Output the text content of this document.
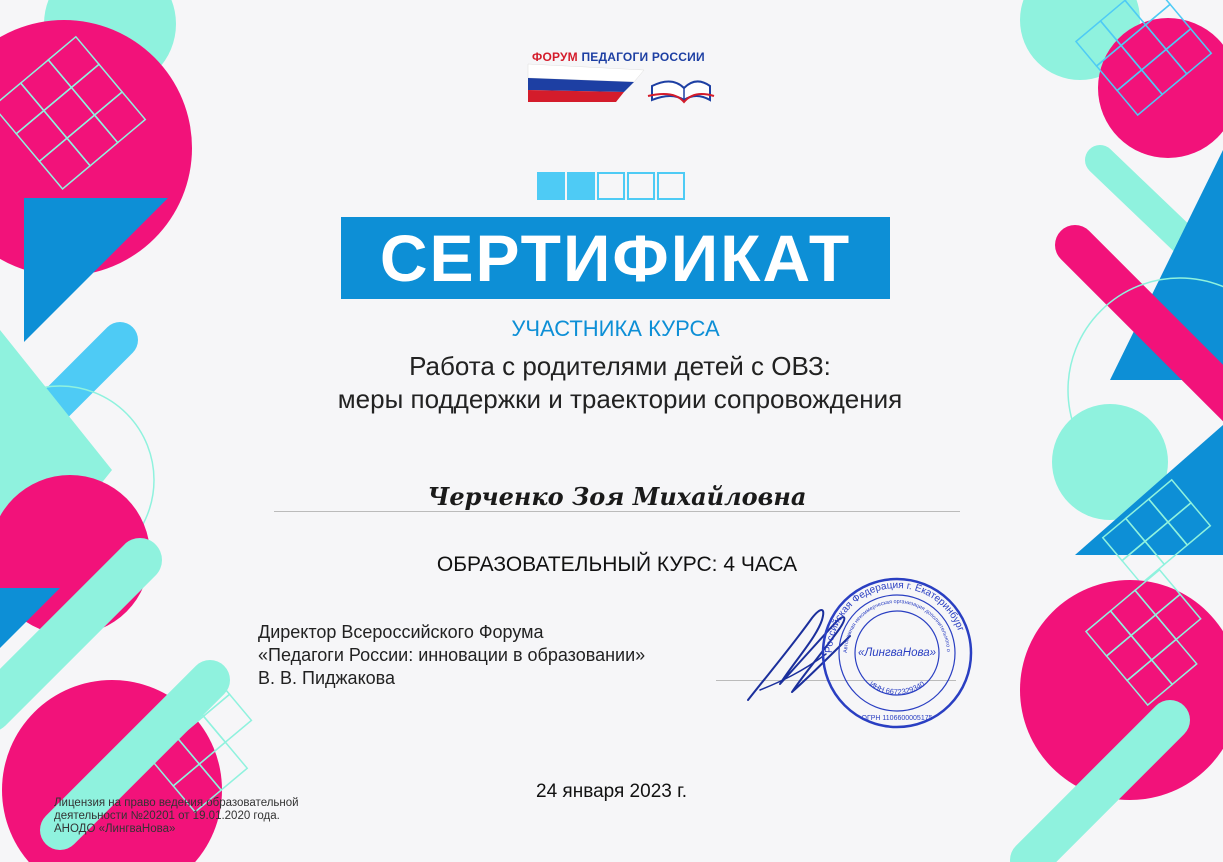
ФОРУМ ПЕДАГОГИ РОССИИ
СЕРТИФИКАТ
УЧАСТНИКА КУРСА
Работа с родителями детей с ОВЗ:
меры поддержки и траектории сопровождения
Черченко Зоя Михайловна
ОБРАЗОВАТЕЛЬНЫЙ КУРС: 4 ЧАСА
Директор Всероссийского Форума
«Педагоги России: инновации в образовании»
В. В. Пиджакова
Российская Федерация г. Екатеринбург
Автономная некоммерческая организация дополнительного о
ИНН 6672329340
ОГРН 1106600005175
«ЛингваНова»
24 января 2023 г.
Лицензия на право ведения образовательной
деятельности №20201 от 19.01.2020 года.
АНОДО «ЛингваНова»
